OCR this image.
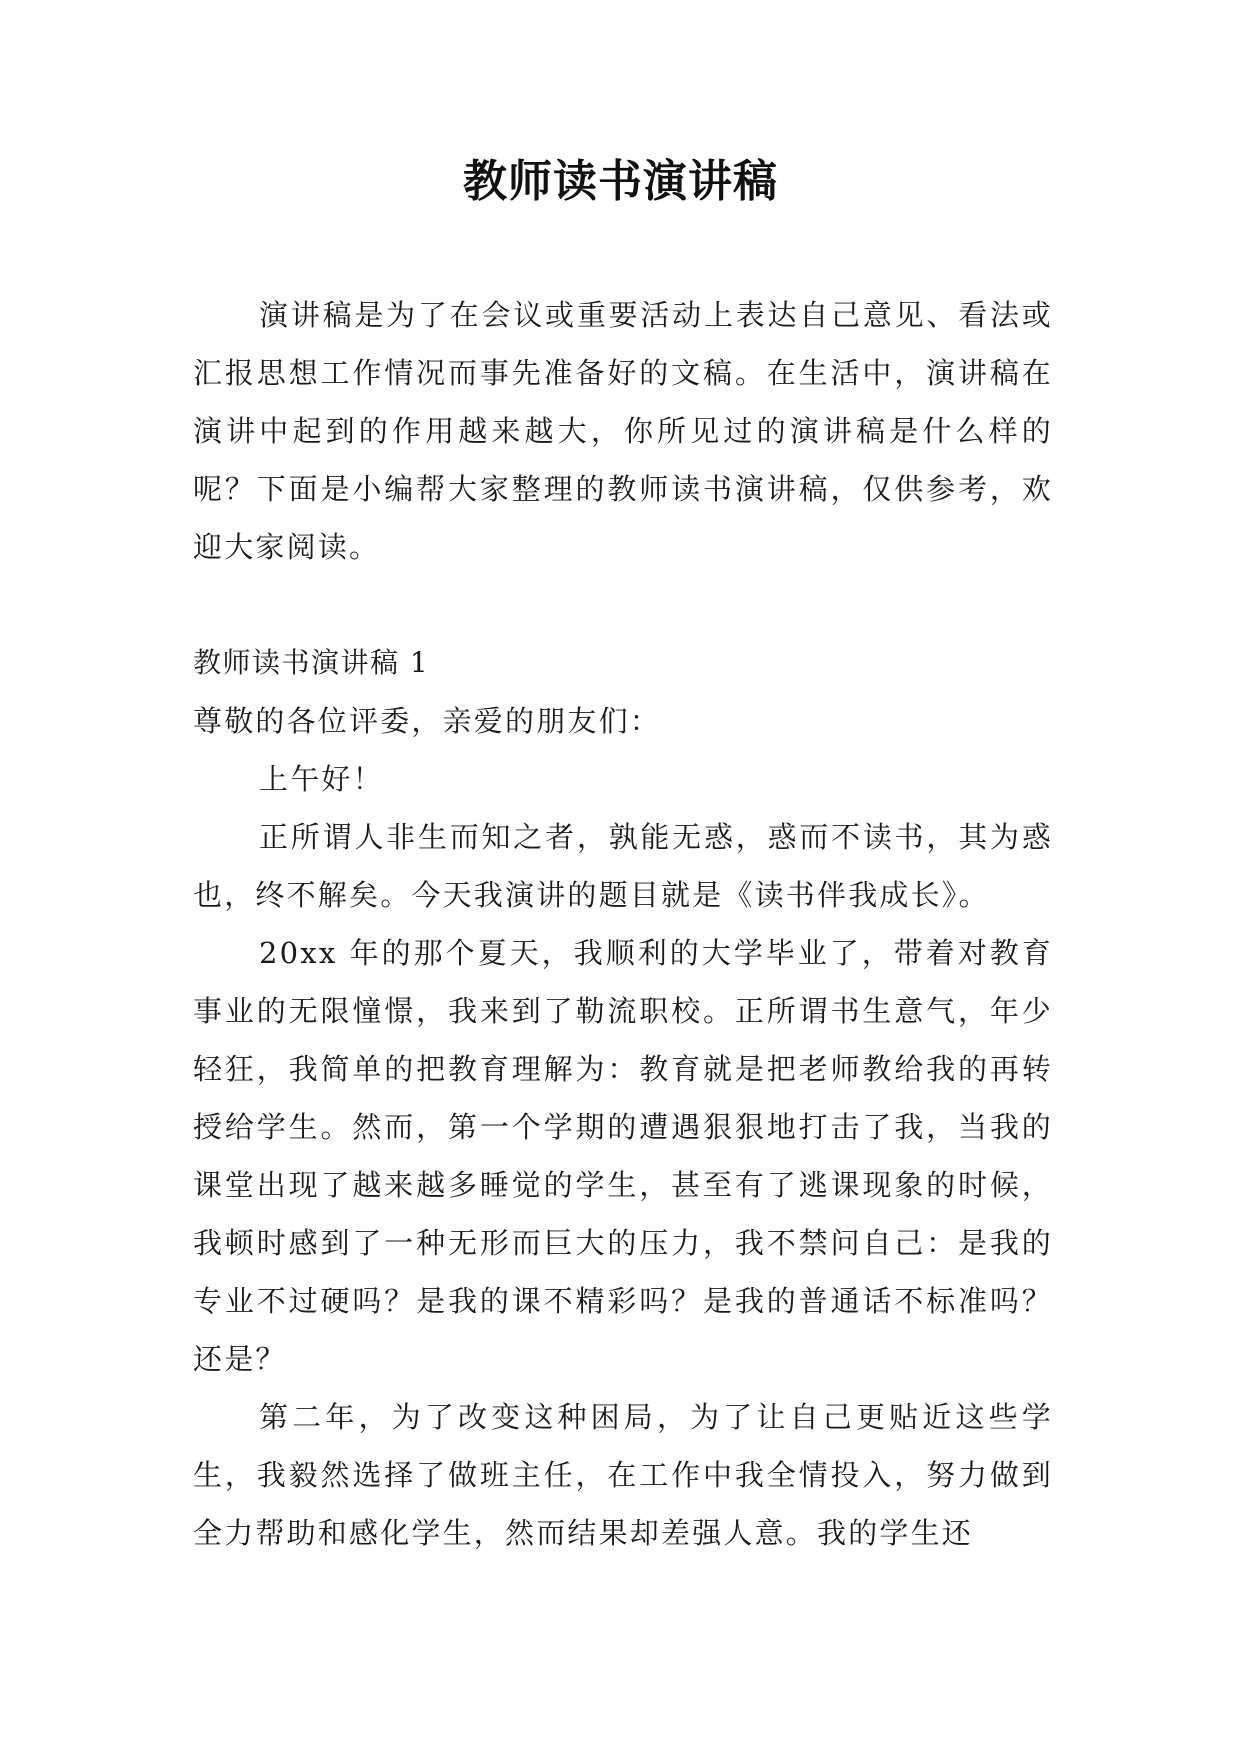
教师读书演讲稿

演讲稿是为了在会议或重要活动上表达自己意见、看法或汇报思想工作情况而事先准备好的文稿。在生活中，演讲稿在演讲中起到的作用越来越大，你所见过的演讲稿是什么样的呢？下面是小编帮大家整理的教师读书演讲稿，仅供参考，欢迎大家阅读。

教师读书演讲稿 1

尊敬的各位评委，亲爱的朋友们：

上午好！

正所谓人非生而知之者，孰能无惑，惑而不读书，其为惑也，终不解矣。今天我演讲的题目就是《读书伴我成长》。

20xx 年的那个夏天，我顺利的大学毕业了，带着对教育事业的无限憧憬，我来到了勒流职校。正所谓书生意气，年少轻狂，我简单的把教育理解为：教育就是把老师教给我的再转授给学生。然而，第一个学期的遭遇狠狠地打击了我，当我的课堂出现了越来越多睡觉的学生，甚至有了逃课现象的时候，我顿时感到了一种无形而巨大的压力，我不禁问自己：是我的专业不过硬吗？是我的课不精彩吗？是我的普通话不标准吗？还是？

第二年，为了改变这种困局，为了让自己更贴近这些学生，我毅然选择了做班主任，在工作中我全情投入，努力做到全力帮助和感化学生，然而结果却差强人意。我的学生还
